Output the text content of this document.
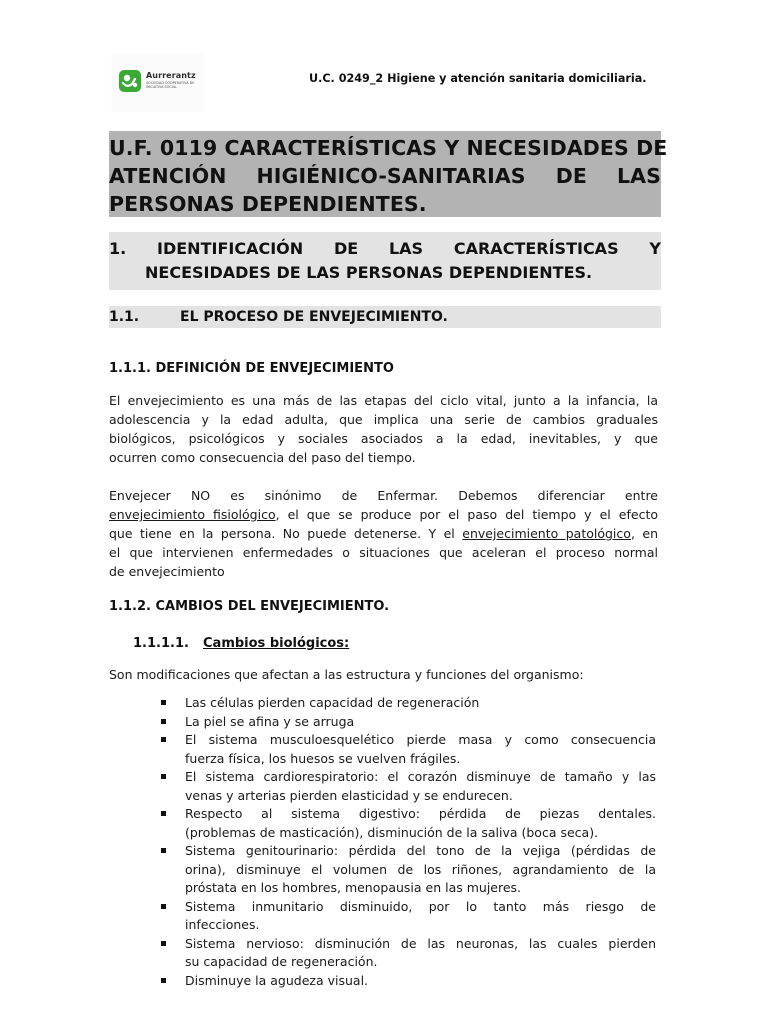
Aurrerantz
SOCIEDAD COOPERATIVA DE INICIATIVA SOCIAL
U.C. 0249_2 Higiene y atención sanitaria domiciliaria.
U.F. 0119 CARACTERÍSTICAS Y NECESIDADES DE
ATENCIÓN HIGIÉNICO-SANITARIAS DE LAS
PERSONAS DEPENDIENTES.
1. IDENTIFICACIÓN DE LAS CARACTERÍSTICAS Y
NECESIDADES DE LAS PERSONAS DEPENDIENTES.
1.1.	EL PROCESO DE ENVEJECIMIENTO.
1.1.1. DEFINICIÓN DE ENVEJECIMIENTO

El envejecimiento es una más de las etapas del ciclo vital, junto a la infancia, la
adolescencia y la edad adulta, que implica una serie de cambios graduales
biológicos, psicológicos y sociales asociados a la edad, inevitables, y que
ocurren como consecuencia del paso del tiempo.

Envejecer NO es sinónimo de Enfermar. Debemos diferenciar entre
envejecimiento fisiológico, el que se produce por el paso del tiempo y el efecto
que tiene en la persona. No puede detenerse. Y el envejecimiento patológico, en
el que intervienen enfermedades o situaciones que aceleran el proceso normal
de envejecimiento

1.1.2. CAMBIOS DEL ENVEJECIMIENTO.
1.1.1.1. Cambios biológicos:

Son modificaciones que afectan a las estructura y funciones del organismo:

Las células pierden capacidad de regeneración
La piel se afina y se arruga
El sistema musculoesquelético pierde masa y como consecuencia
fuerza física, los huesos se vuelven frágiles.
El sistema cardiorespiratorio: el corazón disminuye de tamaño y las
venas y arterias pierden elasticidad y se endurecen.
Respecto al sistema digestivo: pérdida de piezas dentales.
(problemas de masticación), disminución de la saliva (boca seca).
Sistema genitourinario: pérdida del tono de la vejiga (pérdidas de
orina), disminuye el volumen de los riñones, agrandamiento de la
próstata en los hombres, menopausia en las mujeres.
Sistema inmunitario disminuido, por lo tanto más riesgo de
infecciones.
Sistema nervioso: disminución de las neuronas, las cuales pierden
su capacidad de regeneración.
Disminuye la agudeza visual.
